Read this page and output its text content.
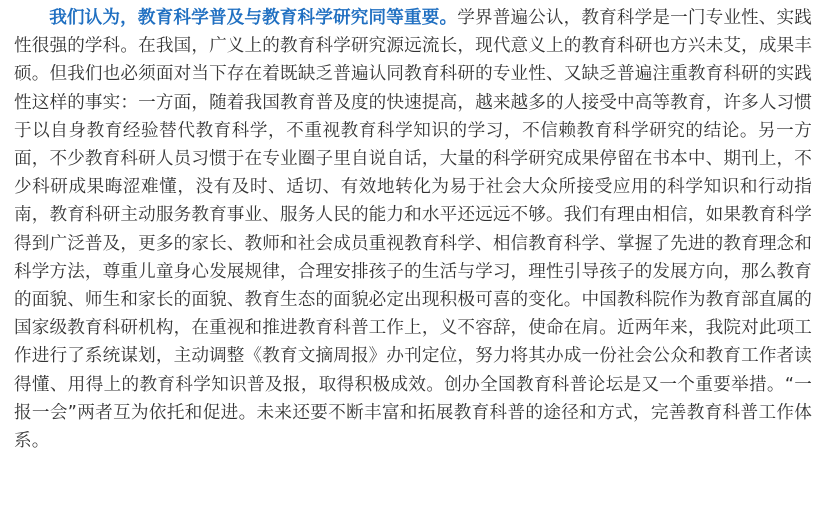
我们认为，教育科学普及与教育科学研究同等重要。学界普遍公认，教育科学是一门专业性、实践性很强的学科。在我国，广义上的教育科学研究源远流长，现代意义上的教育科研也方兴未艾，成果丰硕。但我们也必须面对当下存在着既缺乏普遍认同教育科研的专业性、又缺乏普遍注重教育科研的实践性这样的事实：一方面，随着我国教育普及度的快速提高，越来越多的人接受中高等教育，许多人习惯于以自身教育经验替代教育科学，不重视教育科学知识的学习，不信赖教育科学研究的结论。另一方面，不少教育科研人员习惯于在专业圈子里自说自话，大量的科学研究成果停留在书本中、期刊上，不少科研成果晦涩难懂，没有及时、适切、有效地转化为易于社会大众所接受应用的科学知识和行动指南，教育科研主动服务教育事业、服务人民的能力和水平还远远不够。我们有理由相信，如果教育科学得到广泛普及，更多的家长、教师和社会成员重视教育科学、相信教育科学、掌握了先进的教育理念和科学方法，尊重儿童身心发展规律，合理安排孩子的生活与学习，理性引导孩子的发展方向，那么教育的面貌、师生和家长的面貌、教育生态的面貌必定出现积极可喜的变化。中国教科院作为教育部直属的国家级教育科研机构，在重视和推进教育科普工作上，义不容辞，使命在肩。近两年来，我院对此项工作进行了系统谋划，主动调整《教育文摘周报》办刊定位，努力将其办成一份社会公众和教育工作者读得懂、用得上的教育科学知识普及报，取得积极成效。创办全国教育科普论坛是又一个重要举措。“一报一会”两者互为依托和促进。未来还要不断丰富和拓展教育科普的途径和方式，完善教育科普工作体系。
